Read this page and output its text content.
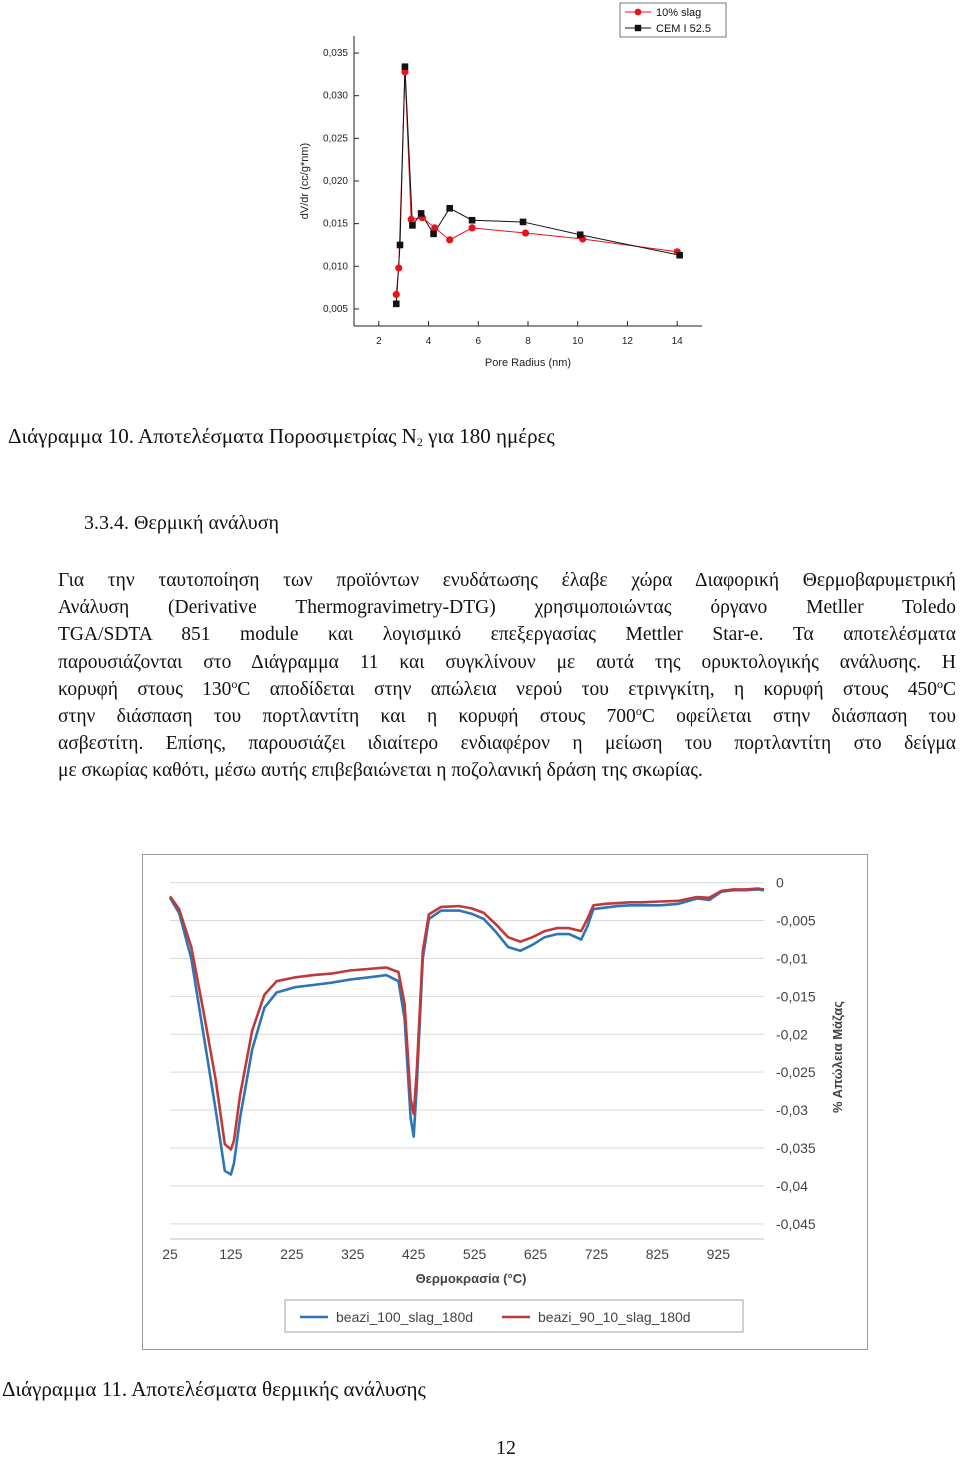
0,005
0,010
0,015
0,020
0,025
0,030
0,035
2	4	6	8	10	12	14
Pore Radius (nm)
dV/dr (cc/g*nm)
10% slag
CEM I 52.5
Διάγραμμα 10. Αποτελέσματα Ποροσιμετρίας $N_2$ για 180 ημέρες
3.3.4. Θερμική ανάλυση
Για την ταυτοποίηση των προϊόντων ενυδάτωσης έλαβε χώρα Διαφορική Θερμοβαρυμετρική
Ανάλυση (Derivative Thermogravimetry-DTG) χρησιμοποιώντας όργανο Metller Toledo
TGA/SDTA 851 module και λογισμικό επεξεργασίας Mettler Star-e. Τα αποτελέσματα
παρουσιάζονται στο Διάγραμμα 11 και συγκλίνουν με αυτά της ορυκτολογικής ανάλυσης. Η
κορυφή στους 130$^o$C αποδίδεται στην απώλεια νερού του ετρινγκίτη, η κορυφή στους 450$^o$C
στην διάσπαση του πορτλαντίτη και η κορυφή στους 700$^o$C οφείλεται στην διάσπαση του
ασβεστίτη. Επίσης, παρουσιάζει ιδιαίτερο ενδιαφέρον η μείωση του πορτλαντίτη στο δείγμα
με σκωρίας καθότι, μέσω αυτής επιβεβαιώνεται η ποζολανική δράση της σκωρίας.
0
-0,005
-0,01
-0,015
-0,02
-0,025
-0,03
-0,035
-0,04
-0,045
25	125	225	325	425	525	625	725	825	925
Θερμοκρασία (°C)
% Απώλεια Μάζας
beazi_100_slag_180d	beazi_90_10_slag_180d
Διάγραμμα 11. Αποτελέσματα θερμικής ανάλυσης
12
